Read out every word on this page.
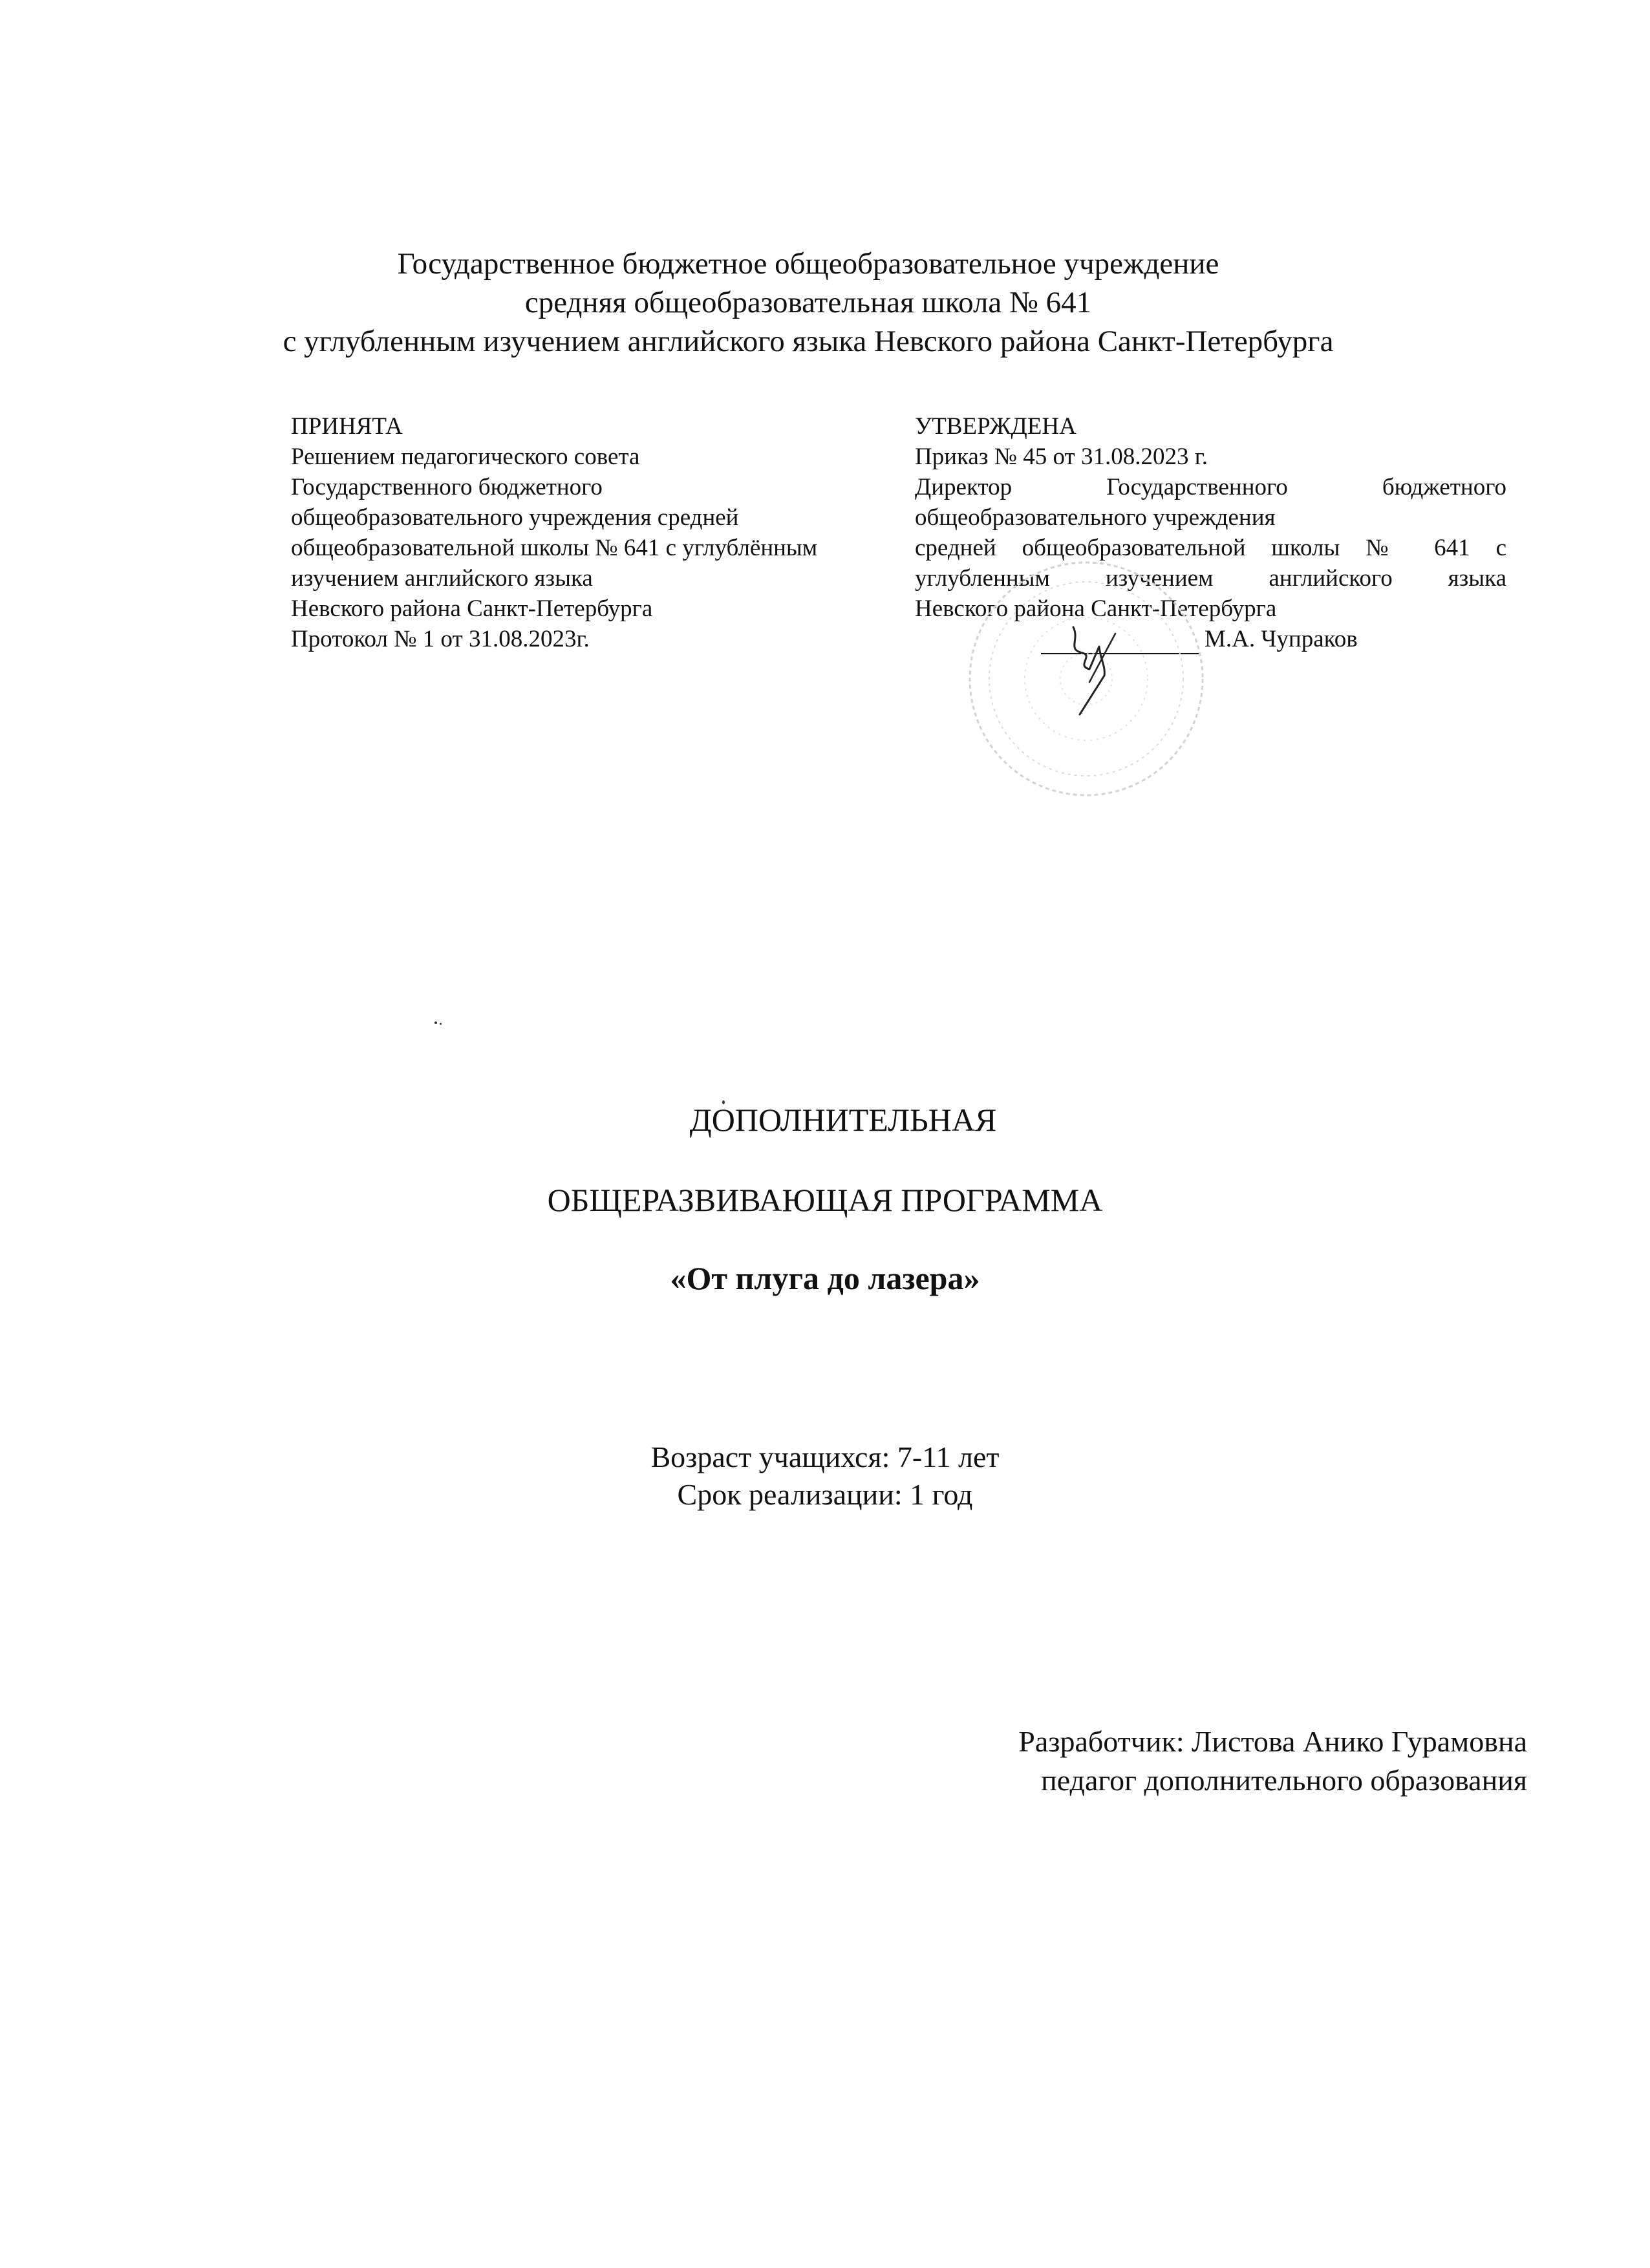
Государственное бюджетное общеобразовательное учреждение
средняя общеобразовательная школа № 641
с углубленным изучением английского языка Невского района Санкт-Петербурга
ПРИНЯТА
Решением педагогического совета
Государственного бюджетного
общеобразовательного учреждения средней
общеобразовательной школы № 641 с углублённым
изучением английского языка
Невского района Санкт-Петербурга
Протокол № 1 от 31.08.2023г.
УТВЕРЖДЕНА
Приказ № 45 от 31.08.2023 г.
Директор Государственного бюджетного
общеобразовательного учреждения
средней общеобразовательной школы № 641 с
углубленным изучением английского языка
Невского района Санкт-Петербурга
М.А. Чупраков
ДОПОЛНИТЕЛЬНАЯ
ОБЩЕРАЗВИВАЮЩАЯ ПРОГРАММА
«От плуга до лазера»
Возраст учащихся: 7-11 лет
Срок реализации: 1 год
Разработчик: Листова Анико Гурамовна
педагог дополнительного образования
